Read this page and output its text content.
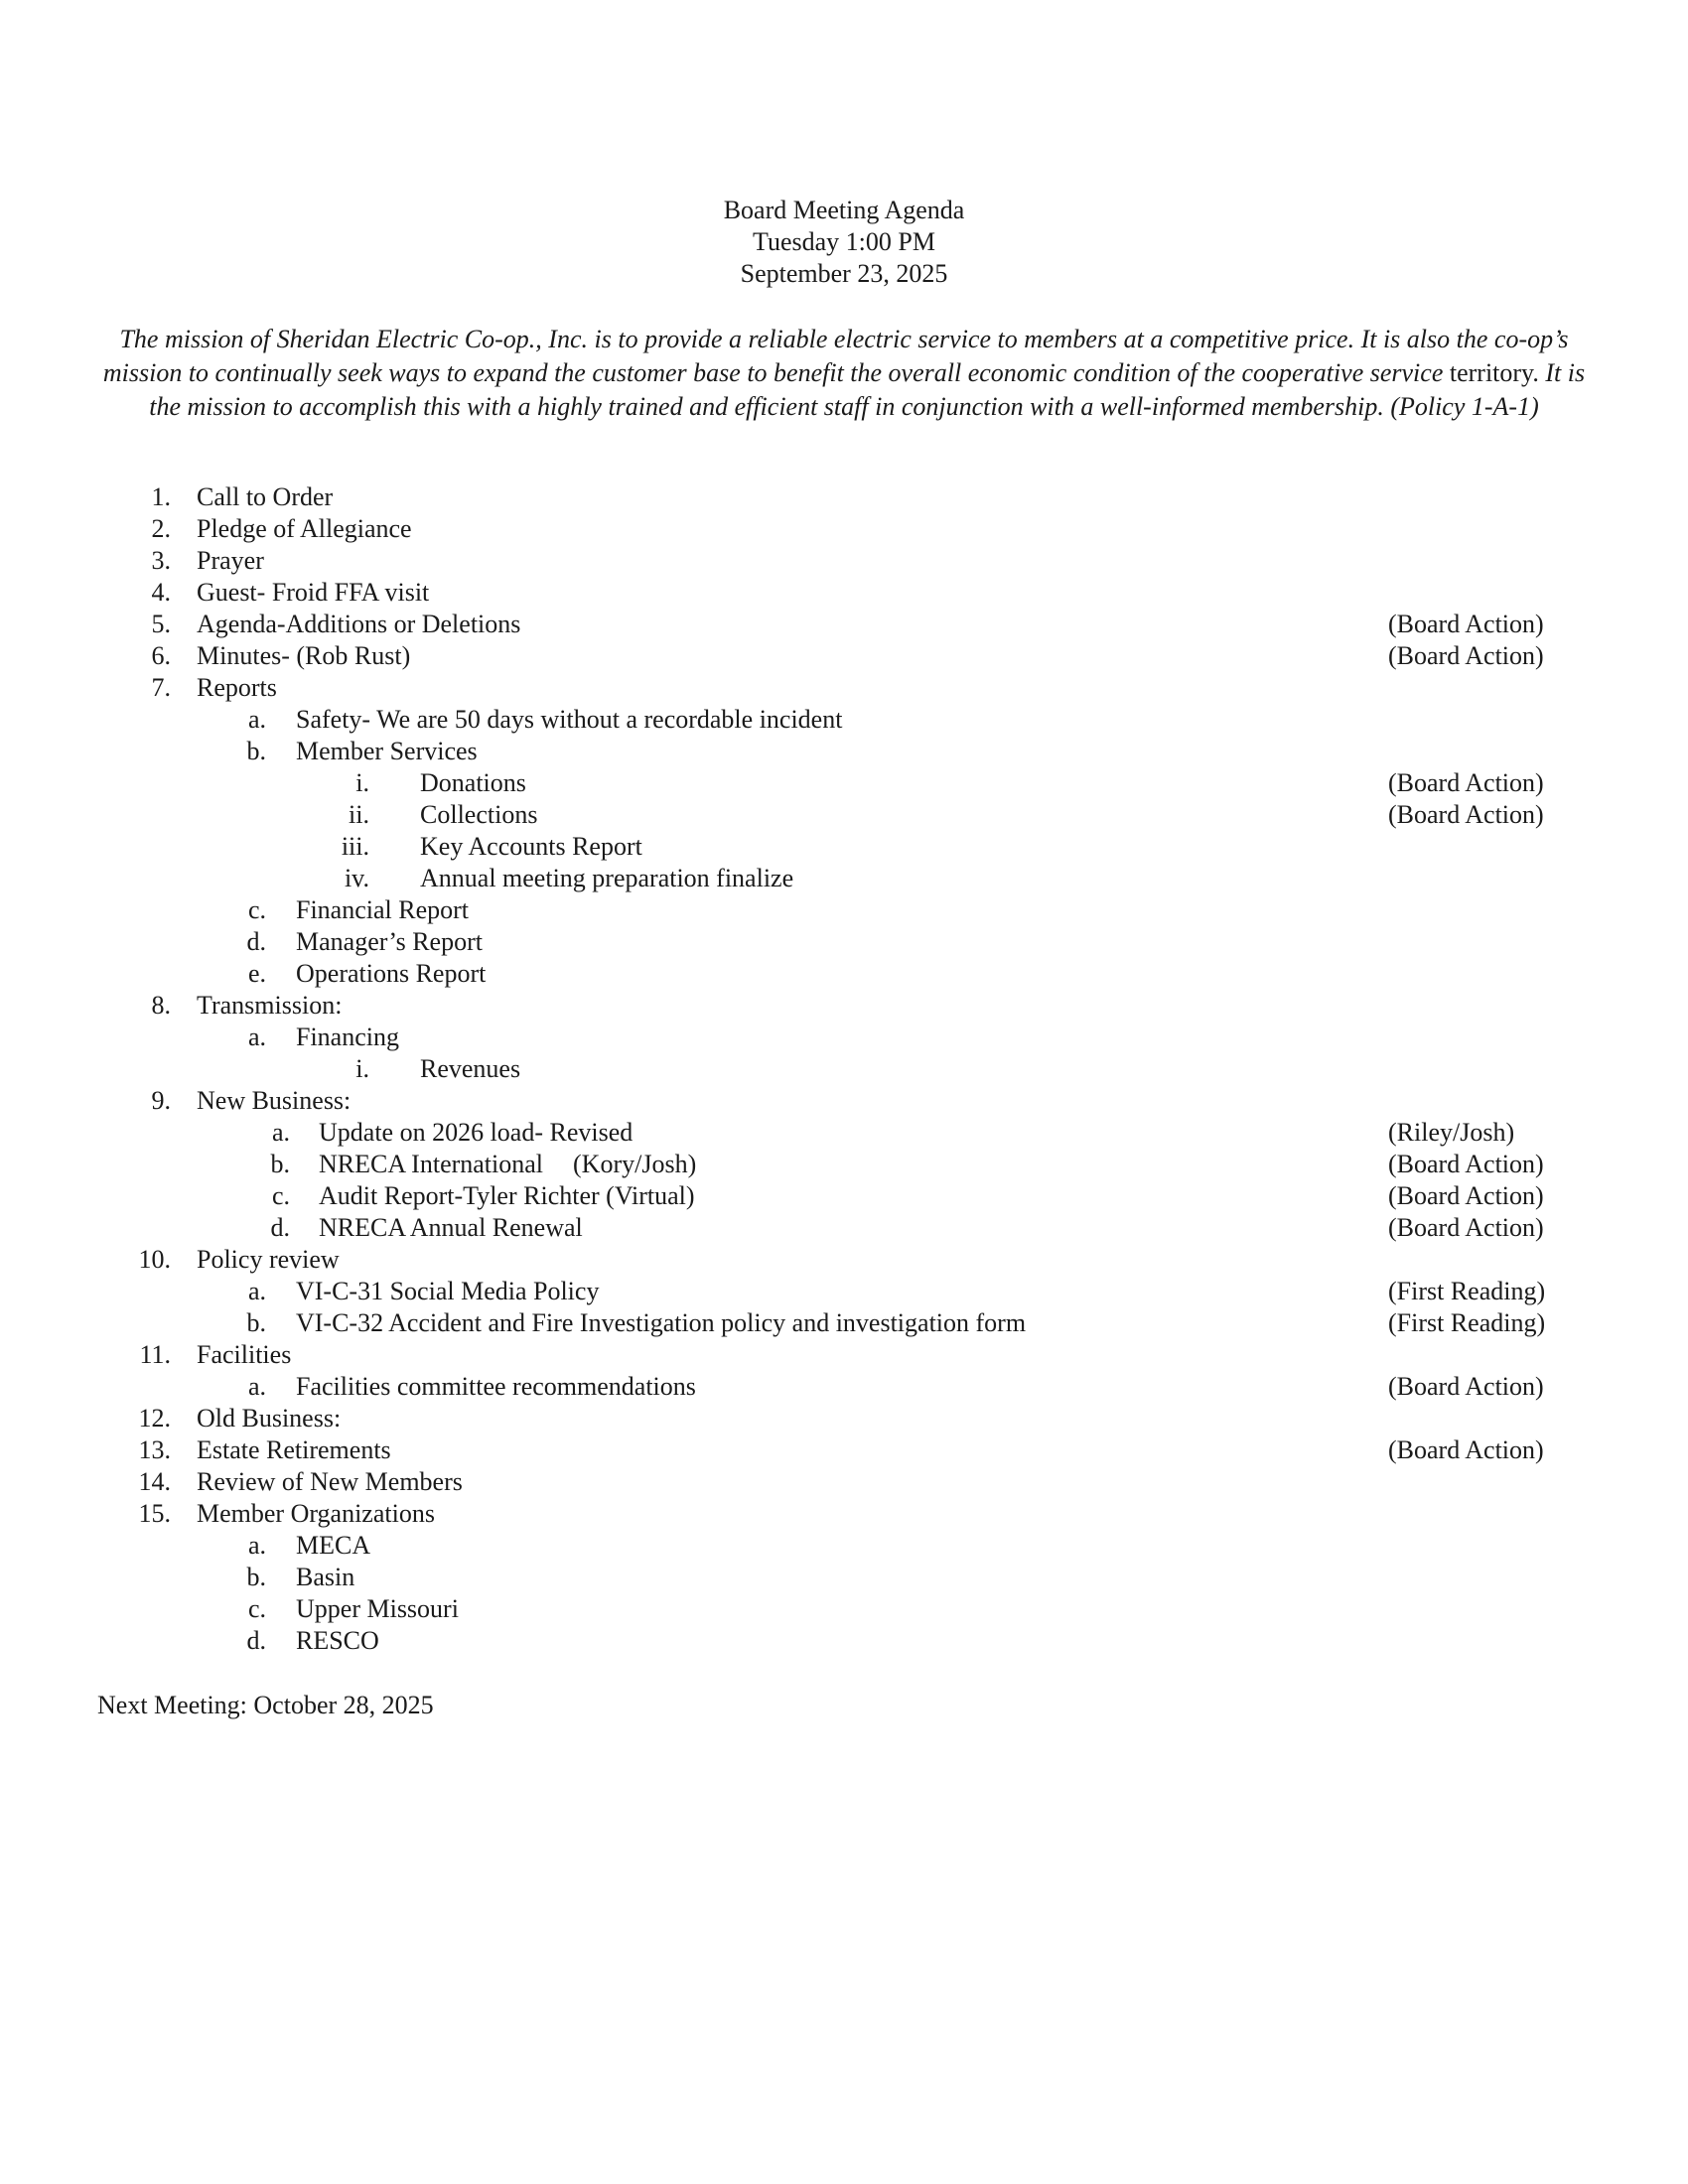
Board Meeting Agenda
Tuesday 1:00 PM
September 23, 2025
The mission of Sheridan Electric Co-op., Inc. is to provide a reliable electric service to members at a competitive price. It is also the co-op’s mission to continually seek ways to expand the customer base to benefit the overall economic condition of the cooperative service territory. It is the mission to accomplish this with a highly trained and efficient staff in conjunction with a well-informed membership. (Policy 1-A-1)
1. Call to Order
2. Pledge of Allegiance
3. Prayer
4. Guest- Froid FFA visit
5. Agenda-Additions or Deletions	(Board Action)
6. Minutes- (Rob Rust)	(Board Action)
7. Reports
a. Safety- We are 50 days without a recordable incident
b. Member Services
i. Donations	(Board Action)
ii. Collections	(Board Action)
iii. Key Accounts Report
iv. Annual meeting preparation finalize
c. Financial Report
d. Manager’s Report
e. Operations Report
8. Transmission:
a. Financing
i. Revenues
9. New Business:
a. Update on 2026 load- Revised	(Riley/Josh)
b. NRECA International (Kory/Josh)	(Board Action)
c. Audit Report-Tyler Richter (Virtual)	(Board Action)
d. NRECA Annual Renewal	(Board Action)
10. Policy review
a. VI-C-31 Social Media Policy	(First Reading)
b. VI-C-32 Accident and Fire Investigation policy and investigation form	(First Reading)
11. Facilities
a. Facilities committee recommendations	(Board Action)
12. Old Business:
13. Estate Retirements	(Board Action)
14. Review of New Members
15. Member Organizations
a. MECA
b. Basin
c. Upper Missouri
d. RESCO
Next Meeting: October 28, 2025
